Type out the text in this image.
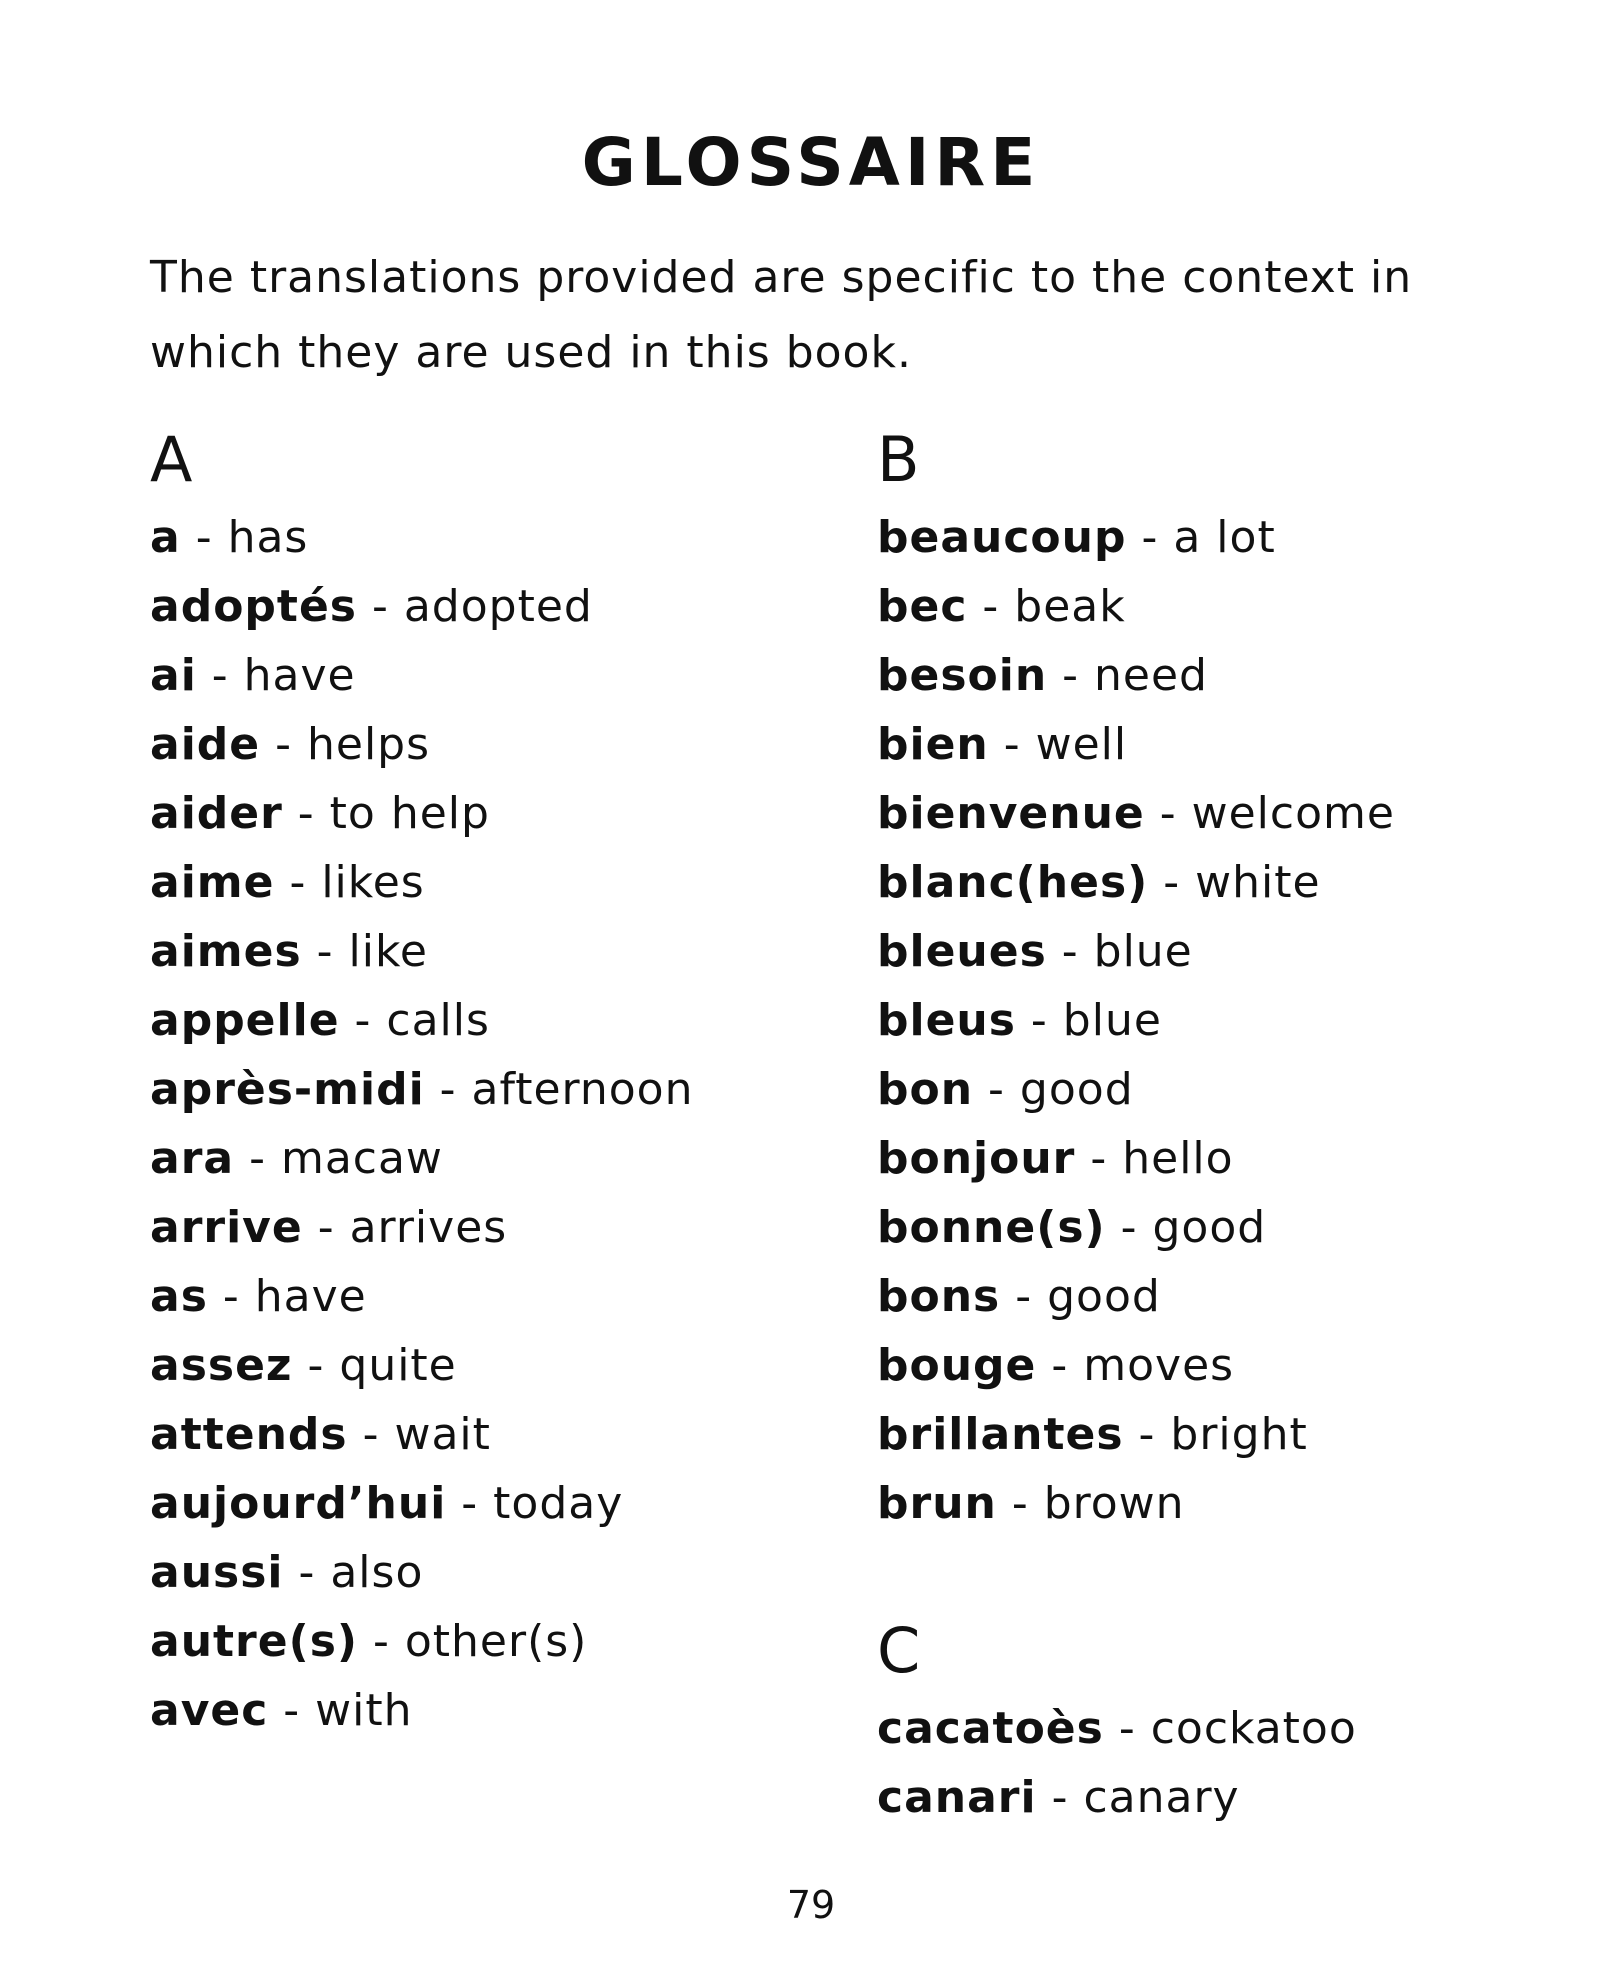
GLOSSAIRE
The translations provided are specific to the context in which they are used in this book.
A
a - has
adoptés - adopted
ai - have
aide - helps
aider - to help
aime - likes
aimes - like
appelle - calls
après-midi - afternoon
ara - macaw
arrive - arrives
as - have
assez - quite
attends - wait
aujourd’hui - today
aussi - also
autre(s) - other(s)
avec - with
B
beaucoup - a lot
bec - beak
besoin - need
bien - well
bienvenue - welcome
blanc(hes) - white
bleues - blue
bleus - blue
bon - good
bonjour - hello
bonne(s) - good
bons - good
bouge - moves
brillantes - bright
brun - brown
C
cacatoès - cockatoo
canari - canary
79
